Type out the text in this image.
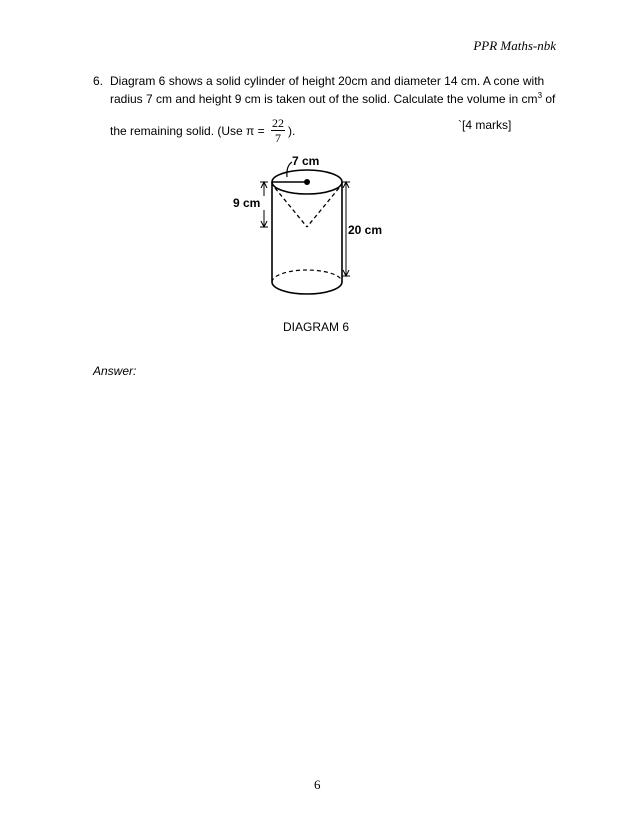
PPR Maths-nbk
6. Diagram 6 shows a solid cylinder of height 20cm and diameter 14 cm. A cone with
radius 7 cm and height 9 cm is taken out of the solid. Calculate the volume in $cm^3$ of
the remaining solid. (Use $\pi = \frac{22}{7}$ ).	`[4 marks]
7 cm
9 cm
20 cm
DIAGRAM 6
Answer:
6
